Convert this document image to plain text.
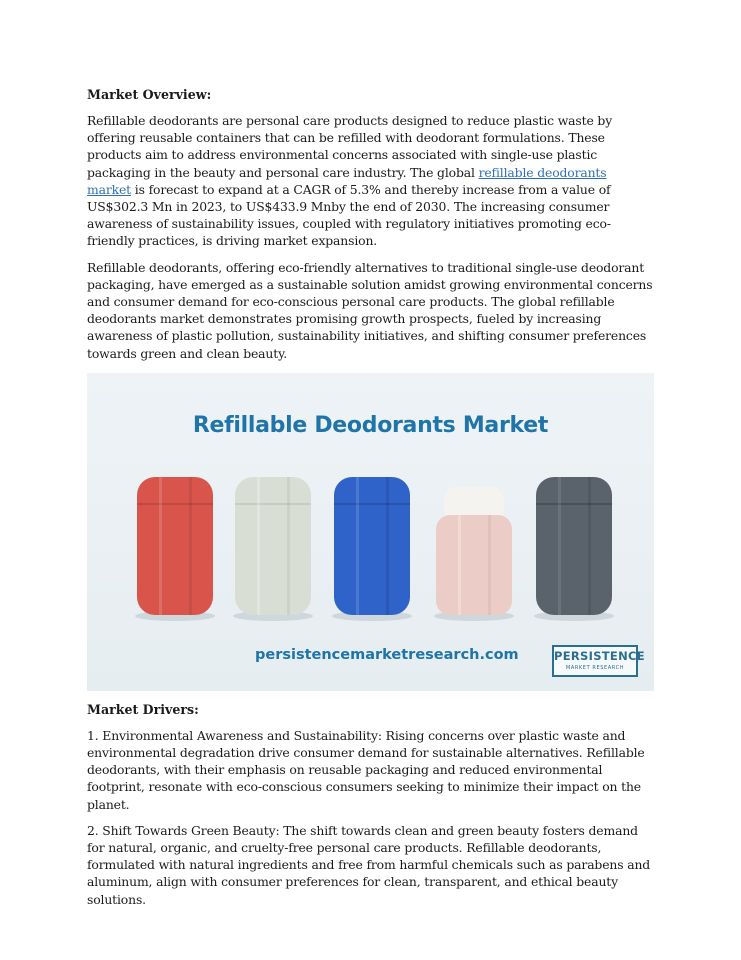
Market Overview:

Refillable deodorants are personal care products designed to reduce plastic waste by offering reusable containers that can be refilled with deodorant formulations. These products aim to address environmental concerns associated with single-use plastic packaging in the beauty and personal care industry. The global refillable deodorants market is forecast to expand at a CAGR of 5.3% and thereby increase from a value of US$302.3 Mn in 2023, to US$433.9 Mnby the end of 2030. The increasing consumer awareness of sustainability issues, coupled with regulatory initiatives promoting eco-friendly practices, is driving market expansion.

Refillable deodorants, offering eco-friendly alternatives to traditional single-use deodorant packaging, have emerged as a sustainable solution amidst growing environmental concerns and consumer demand for eco-conscious personal care products. The global refillable deodorants market demonstrates promising growth prospects, fueled by increasing awareness of plastic pollution, sustainability initiatives, and shifting consumer preferences towards green and clean beauty.

Refillable Deodorants Market
persistencemarketresearch.com	PERSISTENCE
MARKET RESEARCH
Market Drivers:

1. Environmental Awareness and Sustainability: Rising concerns over plastic waste and environmental degradation drive consumer demand for sustainable alternatives. Refillable deodorants, with their emphasis on reusable packaging and reduced environmental footprint, resonate with eco-conscious consumers seeking to minimize their impact on the planet.

2. Shift Towards Green Beauty: The shift towards clean and green beauty fosters demand for natural, organic, and cruelty-free personal care products. Refillable deodorants, formulated with natural ingredients and free from harmful chemicals such as parabens and aluminum, align with consumer preferences for clean, transparent, and ethical beauty solutions.
